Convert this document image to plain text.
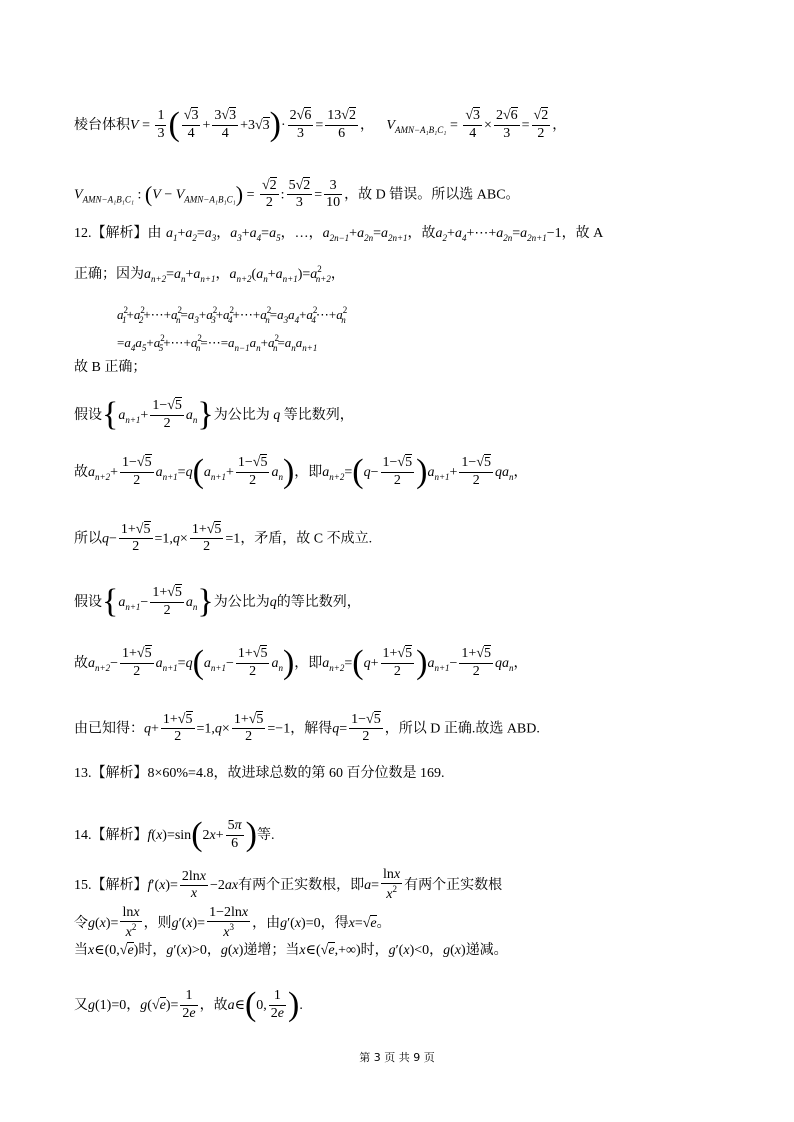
棱台体积$V = \frac{1}{3}$ ( $\frac{√3}{4} + \frac{3√3}{4} +3√3)\cdot \frac{2√6}{3} = \frac{13√2}{6}$ ， $V_{AMN-A_1B_1C_1} = \frac{√3}{4} \times \frac{2√6}{3} = \frac{√2}{2}$ ，
$V_{AMN-A_1B_1C_1}$ : $(V - V_{AMN-A_1B_1C_1}) = \frac{√2}{2}$ : $\frac{5√2}{3} = \frac{3}{10}$ ，故 D 错误。所以选 ABC。
12.【解析】由 $a_1+a_2=a_3$，$a_3+a_4=a_5$，…，$a_{2n-1}+a_{2n}=a_{2n+1}$，故$a_2+a_4+\cdots+a_{2n}=a_{2n+1}-1$，故 A
正确；因为$a_{n+2}=a_n+a_{n+1}$，$a_{n+2}(a_n+a_{n+1})=a^2_{n+2}$，
$a^2_1+a^2_2+\cdots+a^2_n=a_3+a^2_3+a^2_4+\cdots+a^2_n=a_3a_4+a^2_4\cdots+a^2_n$
$=a_4a_5+a^2_5+\cdots+a^2_n=\cdots=a_{n-1}a_n+a^2_n=a_na_{n+1}$
故 B 正确；
假设$\{a_{n+1}+ \frac{1-√5}{2} a_n\}$为公比为 q 等比数列，
故$a_{n+2}+ \frac{1-√5}{2} a_{n+1}=q(a_{n+1}+ \frac{1-√5}{2} a_n)$，即$a_{n+2}=(q- \frac{1-√5}{2} )a_{n+1}+ \frac{1-√5}{2} qa_n$，
所以$q- \frac{1+√5}{2} =1,q\times \frac{1+√5}{2} =1$，矛盾，故 C 不成立.
假设$\{a_{n+1}- \frac{1+√5}{2} a_n\}$为公比为q的等比数列，
故$a_{n+2}- \frac{1+√5}{2} a_{n+1}=q(a_{n+1}- \frac{1+√5}{2} a_n)$，即$a_{n+2}=(q+ \frac{1+√5}{2} )a_{n+1}- \frac{1+√5}{2} qa_n$，
由已知得：$q+ \frac{1+√5}{2} =1,q\times \frac{1+√5}{2} =-1$，解得$q= \frac{1-√5}{2}$ ，所以 D 正确.故选 ABD.
13.【解析】8×60%=4.8，故进球总数的第 60 百分位数是 169.
14.【解析】$f(x)=\sin(2x+ \frac{5\pi}{6}$ )等.
15.【解析】$f'(x)= \frac{2\ln x}{x} -2ax$有两个正实数根，即$a= \frac{\ln x}{x^2}$ 有两个正实数根
令$g(x)= \frac{\ln x}{x^2}$ ，则$g'(x)= \frac{1-2\ln x}{x^3}$ ，由g′(x)=0，得x=√e。
当x∈(0,√e)时，g′(x)>0，g(x)递增；当x∈(√e,+∞)时，g′(x)<0，g(x)递减。
又g(1)=0，$g(√e)= \frac{1}{2e}$ ，故a∈(0, $\frac{1}{2e}$ ).
第 3 页 共 9 页
